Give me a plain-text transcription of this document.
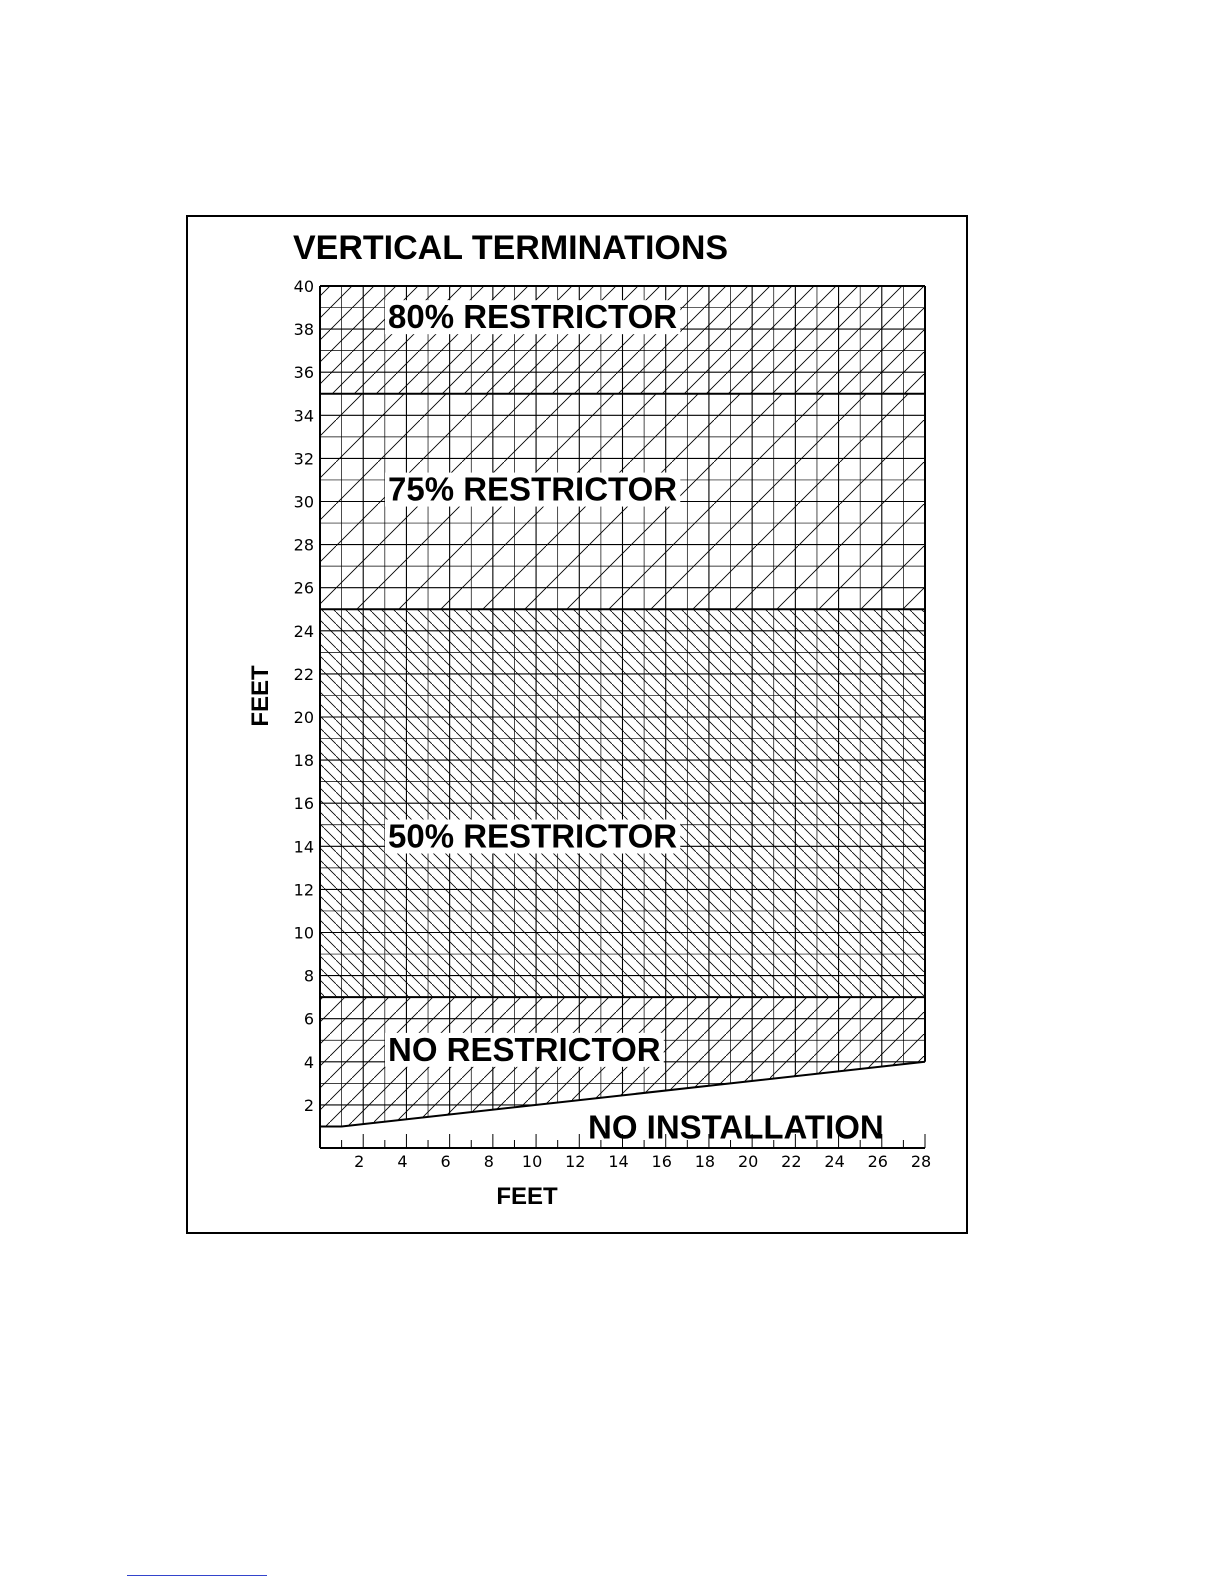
VERTICAL TERMINATIONS
80% RESTRICTOR
75% RESTRICTOR
50% RESTRICTOR
NO RESTRICTOR
NO INSTALLATION
2 4 6 8 10 12 14 16 18 20 22 24 26 28
2
4
6
8
10
12
14
16
18
20
22
24
26
28
30
32
34
36
38
40
FEET
FEET
